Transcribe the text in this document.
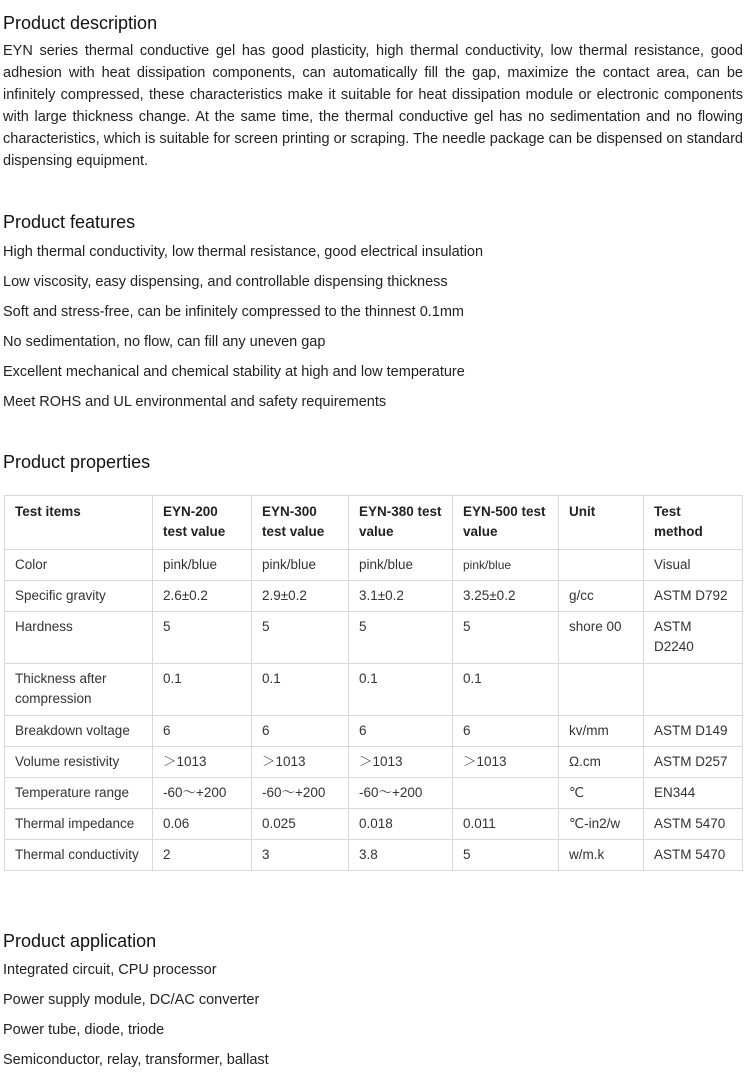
Product description

EYN series thermal conductive gel has good plasticity, high thermal conductivity, low thermal resistance, good adhesion with heat dissipation components, can automatically fill the gap, maximize the contact area, can be infinitely compressed, these characteristics make it suitable for heat dissipation module or electronic components with large thickness change. At the same time, the thermal conductive gel has no sedimentation and no flowing characteristics, which is suitable for screen printing or scraping. The needle package can be dispensed on standard dispensing equipment.

Product features
High thermal conductivity, low thermal resistance, good electrical insulation
Low viscosity, easy dispensing, and controllable dispensing thickness
Soft and stress-free, can be infinitely compressed to the thinnest 0.1mm
No sedimentation, no flow, can fill any uneven gap
Excellent mechanical and chemical stability at high and low temperature
Meet ROHS and UL environmental and safety requirements
Product properties
Test items	EYN-200 test value	EYN-300 test value	EYN-380 test value	EYN-500 test value	Unit	Test method
Color	pink/blue	pink/blue	pink/blue	pink/blue		Visual
Specific gravity	2.6±0.2	2.9±0.2	3.1±0.2	3.25±0.2	g/cc	ASTM D792
Hardness	5	5	5	5	shore 00	ASTM D2240
Thickness after compression	0.1	0.1	0.1	0.1		
Breakdown voltage	6	6	6	6	kv/mm	ASTM D149
Volume resistivity	＞1013	＞1013	＞1013	＞1013	Ω.cm	ASTM D257
Temperature range	-60～+200	-60～+200	-60～+200		℃	EN344
Thermal impedance	0.06	0.025	0.018	0.011	℃-in2/w	ASTM 5470
Thermal conductivity	2	3	3.8	5	w/m.k	ASTM 5470
Product application
Integrated circuit, CPU processor
Power supply module, DC/AC converter
Power tube, diode, triode
Semiconductor, relay, transformer, ballast
